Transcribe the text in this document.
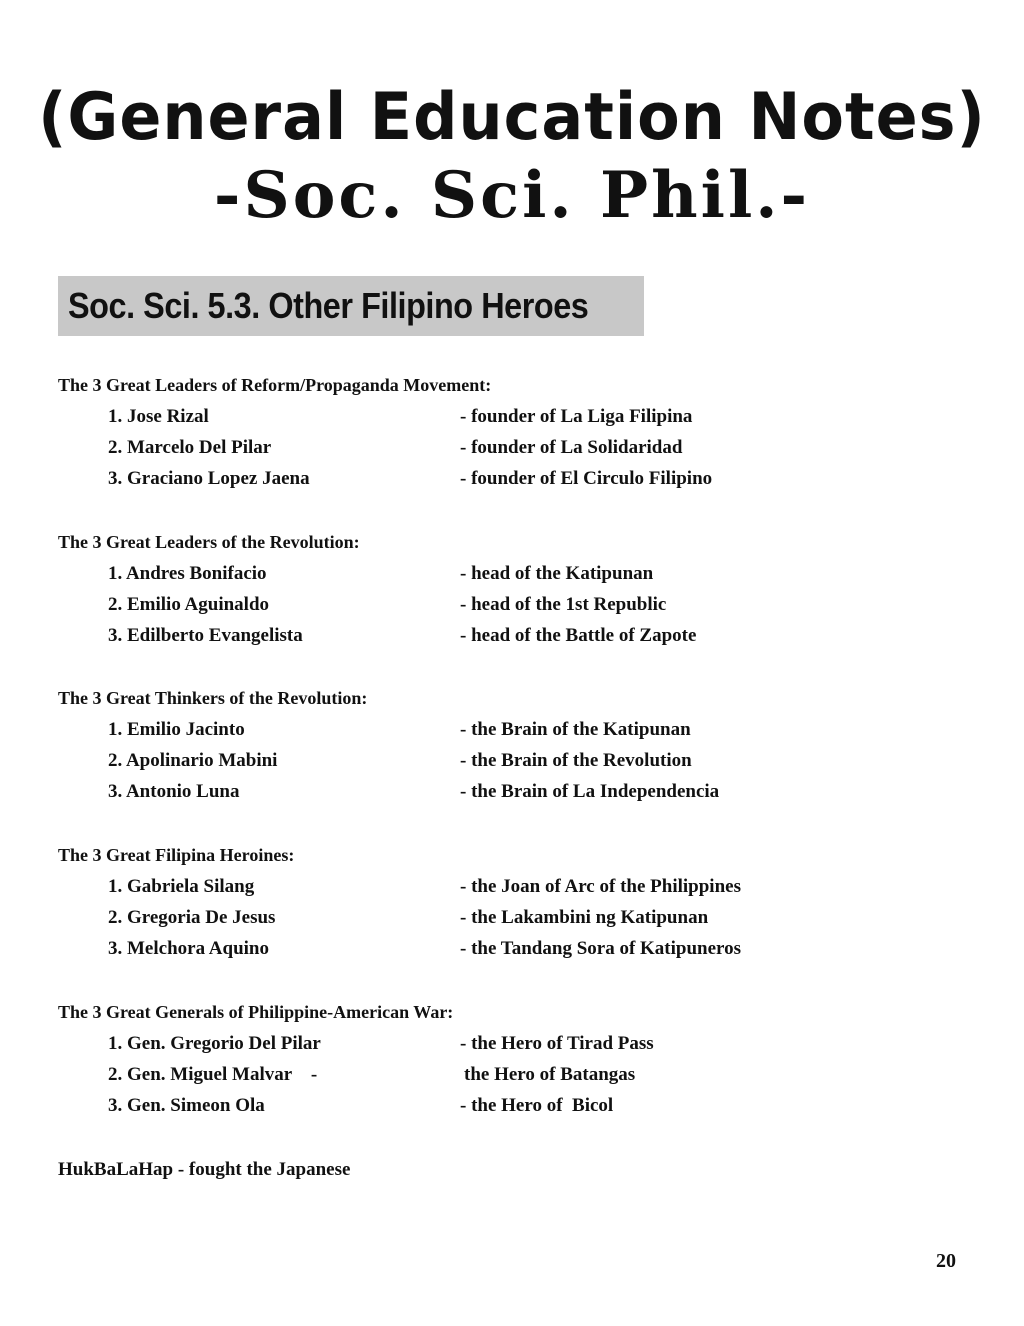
(General Education Notes)
-Soc. Sci. Phil.-
Soc. Sci. 5.3. Other Filipino Heroes
The 3 Great Leaders of Reform/Propaganda Movement:
1. Jose Rizal	- founder of La Liga Filipina
2. Marcelo Del Pilar	- founder of La Solidaridad
3. Graciano Lopez Jaena	- founder of El Circulo Filipino
The 3 Great Leaders of the Revolution:
1. Andres Bonifacio	- head of the Katipunan
2. Emilio Aguinaldo	- head of the 1st Republic
3. Edilberto Evangelista	- head of the Battle of Zapote
The 3 Great Thinkers of the Revolution:
1. Emilio Jacinto	- the Brain of the Katipunan
2. Apolinario Mabini	- the Brain of the Revolution
3. Antonio Luna	- the Brain of La Independencia
The 3 Great Filipina Heroines:
1. Gabriela Silang	- the Joan of Arc of the Philippines
2. Gregoria De Jesus	- the Lakambini ng Katipunan
3. Melchora Aquino	- the Tandang Sora of Katipuneros
The 3 Great Generals of Philippine-American War:
1. Gen. Gregorio Del Pilar	- the Hero of Tirad Pass
2. Gen. Miguel Malvar    -	the Hero of Batangas
3. Gen. Simeon Ola	- the Hero of  Bicol
HukBaLaHap - fought the Japanese
20
